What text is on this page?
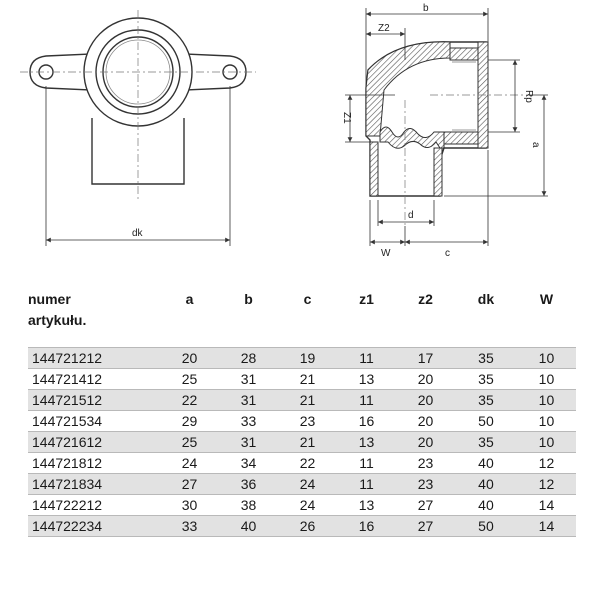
dk
b
Z2
Rp
a
Z1
d
W	c
numer
artykułu.	a	b	c	z1	z2	dk	W
144721212	20	28	19	11	17	35	10
144721412	25	31	21	13	20	35	10
144721512	22	31	21	11	20	35	10
144721534	29	33	23	16	20	50	10
144721612	25	31	21	13	20	35	10
144721812	24	34	22	11	23	40	12
144721834	27	36	24	11	23	40	12
144722212	30	38	24	13	27	40	14
144722234	33	40	26	16	27	50	14
